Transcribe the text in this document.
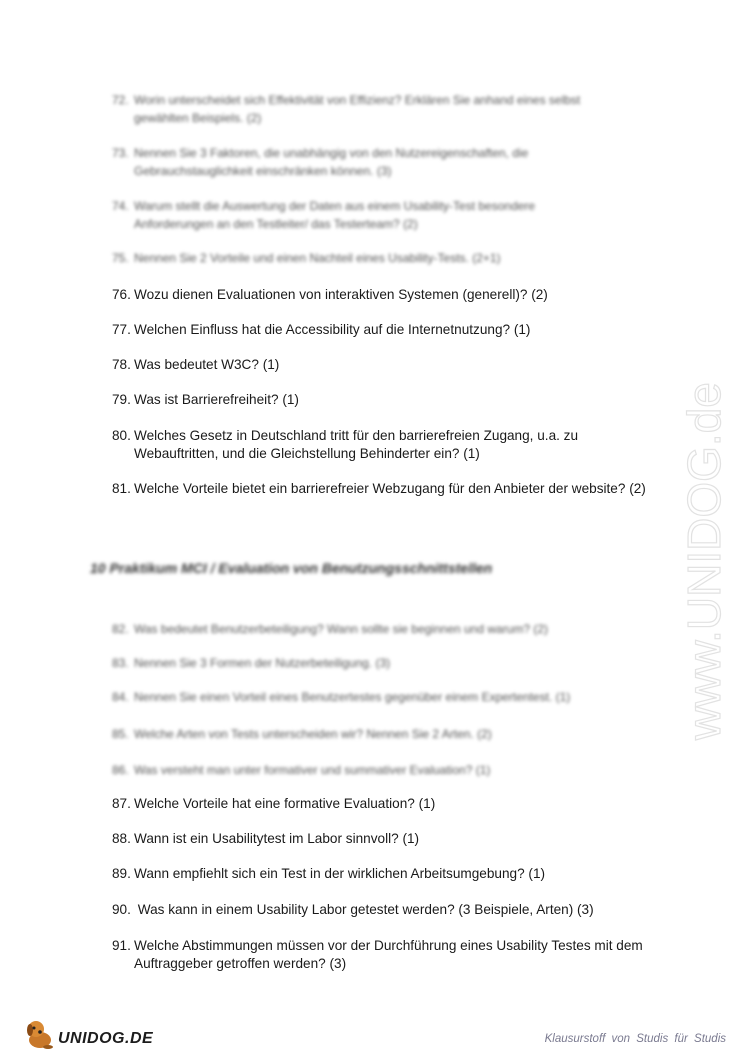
72. Worin unterscheidet sich Effektivität von Effizienz? Erklären Sie anhand eines selbst
gewählten Beispiels. (2)
73. Nennen Sie 3 Faktoren, die unabhängig von den Nutzereigenschaften, die
Gebrauchstauglichkeit einschränken können. (3)
74. Warum stellt die Auswertung der Daten aus einem Usability-Test besondere
Anforderungen an den Testleiter/ das Testerteam? (2)
75. Nennen Sie 2 Vorteile und einen Nachteil eines Usability-Tests. (2+1)
76. Wozu dienen Evaluationen von interaktiven Systemen (generell)? (2)
77. Welchen Einfluss hat die Accessibility auf die Internetnutzung? (1)
78. Was bedeutet W3C? (1)
79. Was ist Barrierefreiheit? (1)
80. Welches Gesetz in Deutschland tritt für den barrierefreien Zugang, u.a. zu
Webauftritten, und die Gleichstellung Behinderter ein? (1)
81. Welche Vorteile bietet ein barrierefreier Webzugang für den Anbieter der website? (2)
10 Praktikum MCI / Evaluation von Benutzungsschnittstellen
82. Was bedeutet Benutzerbeteiligung? Wann sollte sie beginnen und warum? (2)
83. Nennen Sie 3 Formen der Nutzerbeteiligung. (3)
84. Nennen Sie einen Vorteil eines Benutzertestes gegenüber einem Expertentest. (1)
85. Welche Arten von Tests unterscheiden wir? Nennen Sie 2 Arten. (2)
86. Was versteht man unter formativer und summativer Evaluation? (1)
87. Welche Vorteile hat eine formative Evaluation? (1)
88. Wann ist ein Usabilitytest im Labor sinnvoll? (1)
89. Wann empfiehlt sich ein Test in der wirklichen Arbeitsumgebung? (1)
90. Was kann in einem Usability Labor getestet werden? (3 Beispiele, Arten) (3)
91. Welche Abstimmungen müssen vor der Durchführung eines Usability Testes mit dem
Auftraggeber getroffen werden? (3)
www.UNIDOG.de
UNIDOG.DE	Klausurstoff von Studis für Studis
